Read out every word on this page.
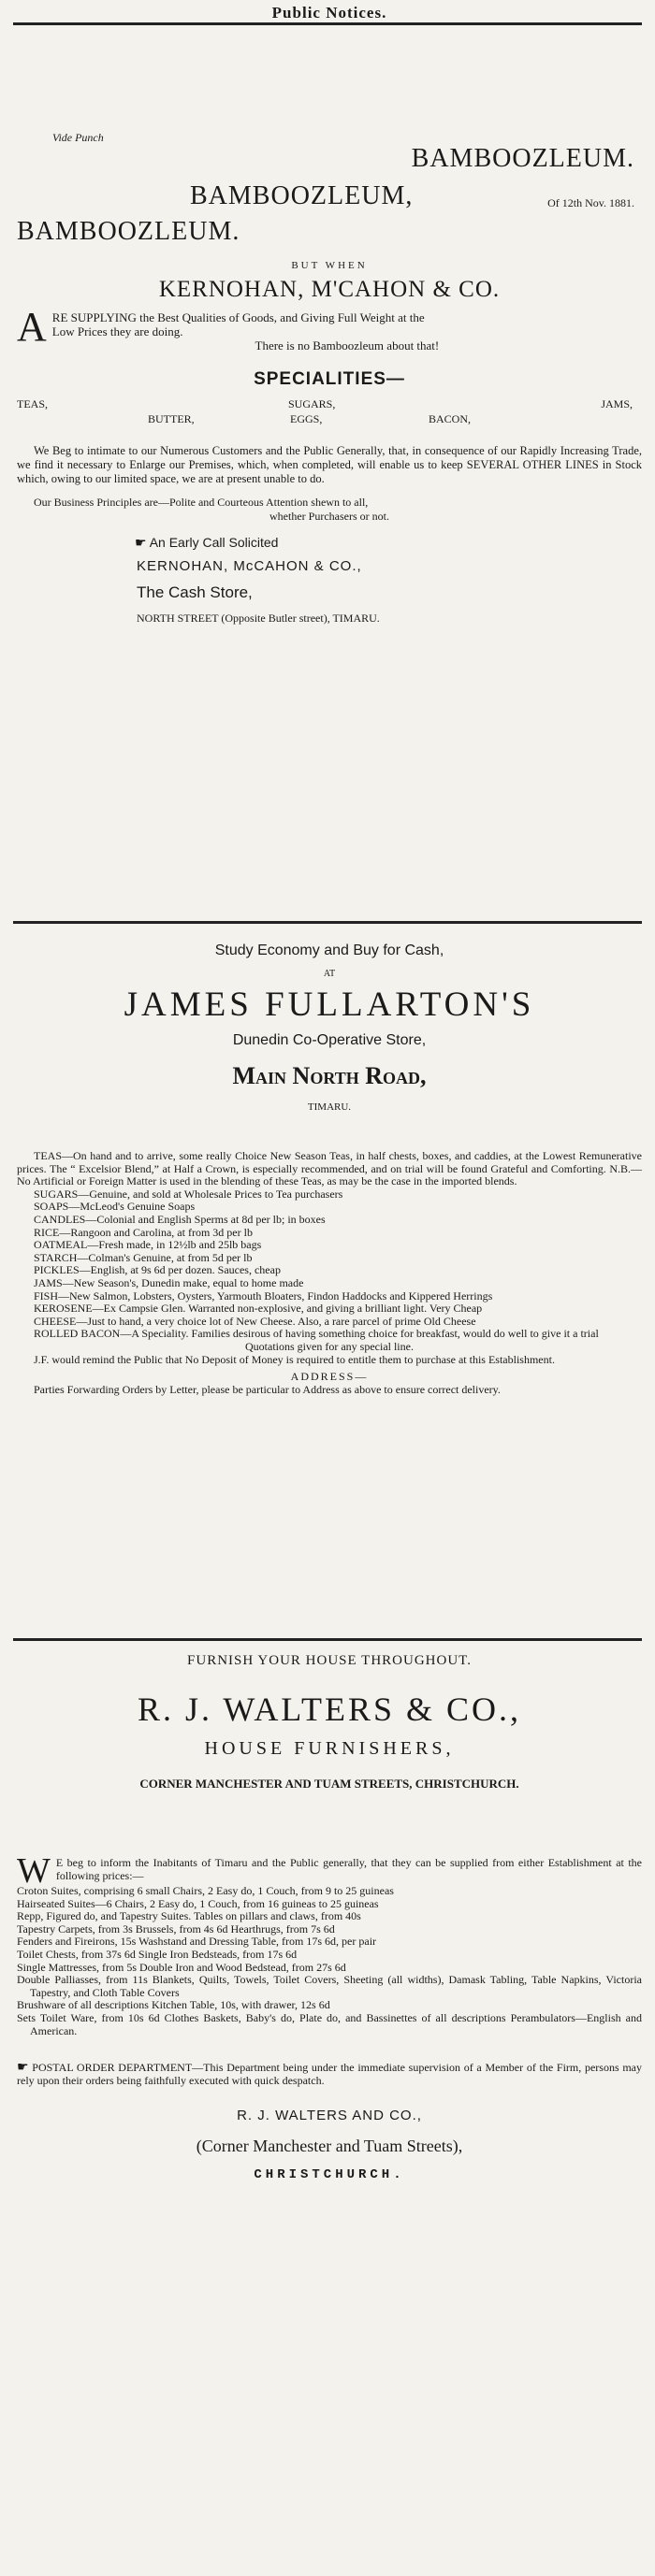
Public Notices.
Vide Punch
BAMBOOZLEUM.
BAMBOOZLEUM,	Of 12th Nov. 1881.
BAMBOOZLEUM.
BUT WHEN
KERNOHAN, M'CAHON & CO.
A RE SUPPLYING the Best Qualities of Goods, and Giving Full Weight at the

Low Prices they are doing.

There is no Bamboozleum about that!

SPECIALITIES—
TEAS,	SUGARS,	JAMS,
BUTTER,	EGGS,	BACON,

We Beg to intimate to our Numerous Customers and the Public Generally, that, in consequence of our Rapidly Increasing Trade, we find it necessary to Enlarge our Premises, which, when completed, will enable us to keep SEVERAL OTHER LINES in Stock which, owing to our limited space, we are at present unable to do.

Our Business Principles are—Polite and Courteous Attention shewn to all,

whether Purchasers or not.

☛ An Early Call Solicited
KERNOHAN, McCAHON & CO.,
The Cash Store,
NORTH STREET (Opposite Butler street), TIMARU.
Study Economy and Buy for Cash,
AT
JAMES FULLARTON'S
Dunedin Co-Operative Store,
Main North Road,
TIMARU.

TEAS—On hand and to arrive, some really Choice New Season Teas, in half chests, boxes, and caddies, at the Lowest Remunerative prices. The “ Excelsior Blend,” at Half a Crown, is especially recommended, and on trial will be found Grateful and Comforting. N.B.—No Artificial or Foreign Matter is used in the blending of these Teas, as may be the case in the imported blends.

SUGARS—Genuine, and sold at Wholesale Prices to Tea purchasers

SOAPS—McLeod's Genuine Soaps

CANDLES—Colonial and English Sperms at 8d per lb; in boxes

RICE—Rangoon and Carolina, at from 3d per lb

OATMEAL—Fresh made, in 12½lb and 25lb bags

STARCH—Colman's Genuine, at from 5d per lb

PICKLES—English, at 9s 6d per dozen. Sauces, cheap

JAMS—New Season's, Dunedin make, equal to home made

FISH—New Salmon, Lobsters, Oysters, Yarmouth Bloaters, Findon Haddocks and Kippered Herrings

KEROSENE—Ex Campsie Glen. Warranted non-explosive, and giving a brilliant light. Very Cheap

CHEESE—Just to hand, a very choice lot of New Cheese. Also, a rare parcel of prime Old Cheese

ROLLED BACON—A Speciality. Families desirous of having something choice for breakfast, would do well to give it a trial

Quotations given for any special line.

J.F. would remind the Public that No Deposit of Money is required to entitle them to purchase at this Establishment.

ADDRESS—

Parties Forwarding Orders by Letter, please be particular to Address as above to ensure correct delivery.

FURNISH YOUR HOUSE THROUGHOUT.
R. J. WALTERS & CO.,
HOUSE FURNISHERS,
CORNER MANCHESTER AND TUAM STREETS, CHRISTCHURCH.
W E beg to inform the Inabitants of Timaru and the Public generally, that they can be supplied from either Establishment at the following prices:—

Croton Suites, comprising 6 small Chairs, 2 Easy do, 1 Couch, from 9 to 25 guineas

Hairseated Suites—6 Chairs, 2 Easy do, 1 Couch, from 16 guineas to 25 guineas

Repp, Figured do, and Tapestry Suites. Tables on pillars and claws, from 40s

Tapestry Carpets, from 3s Brussels, from 4s 6d Hearthrugs, from 7s 6d

Fenders and Fireirons, 15s Washstand and Dressing Table, from 17s 6d, per pair

Toilet Chests, from 37s 6d Single Iron Bedsteads, from 17s 6d

Single Mattresses, from 5s Double Iron and Wood Bedstead, from 27s 6d

Double Palliasses, from 11s Blankets, Quilts, Towels, Toilet Covers, Sheeting (all widths), Damask Tabling, Table Napkins, Victoria Tapestry, and Cloth Table Covers

Brushware of all descriptions Kitchen Table, 10s, with drawer, 12s 6d

Sets Toilet Ware, from 10s 6d Clothes Baskets, Baby's do, Plate do, and Bassinettes of all descriptions Perambulators—English and American.

☛ POSTAL ORDER DEPARTMENT—This Department being under the immediate supervision of a Member of the Firm, persons may rely upon their orders being faithfully executed with quick despatch.
R. J. WALTERS AND CO.,
(Corner Manchester and Tuam Streets),
CHRISTCHURCH.
